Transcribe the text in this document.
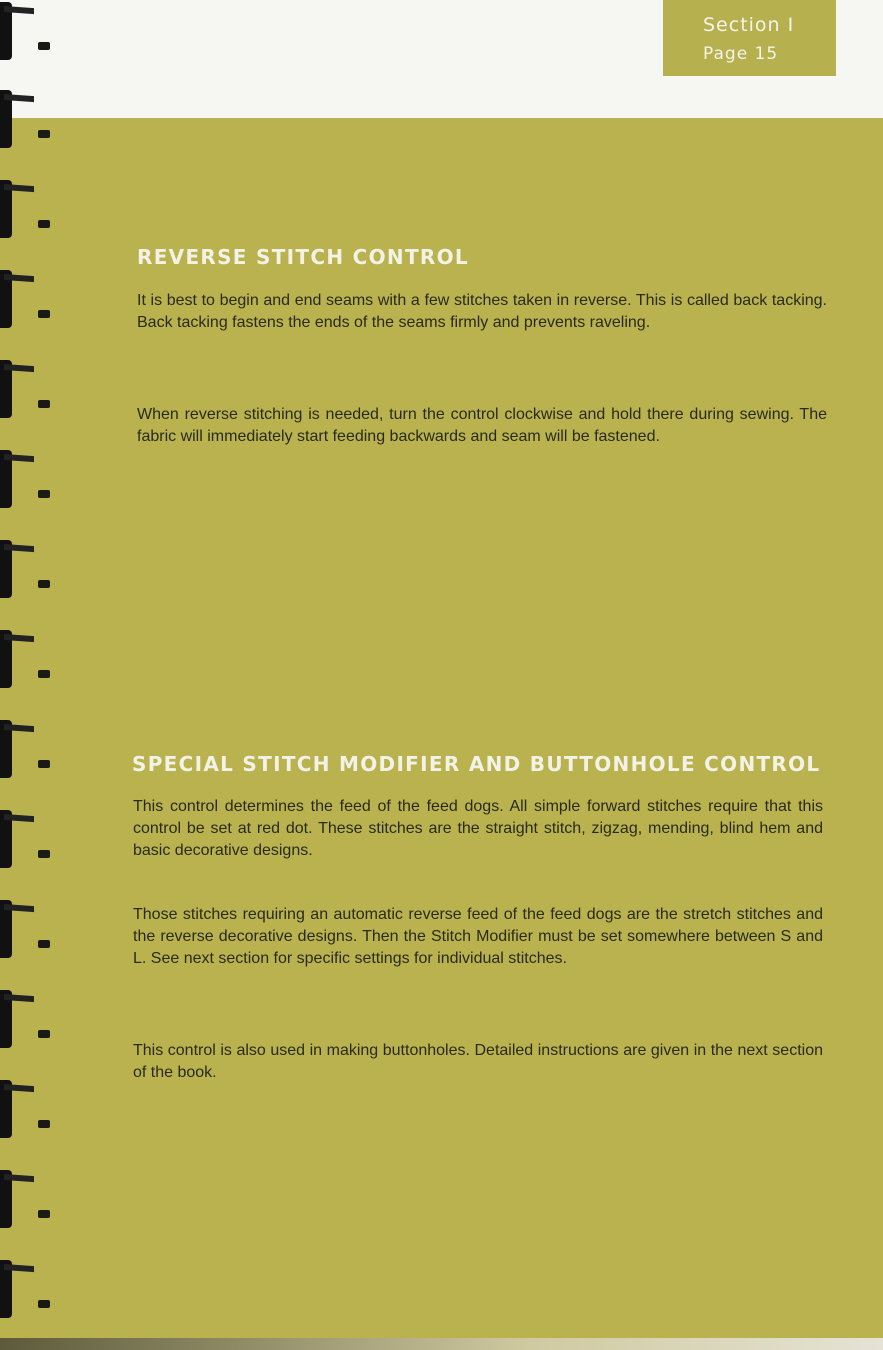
Section I
Page 15
REVERSE STITCH CONTROL

It is best to begin and end seams with a few stitches taken in reverse. This is called back tacking. Back tacking fastens the ends of the seams firmly and prevents raveling.

When reverse stitching is needed, turn the control clockwise and hold there during sewing. The fabric will immediately start feeding backwards and seam will be fastened.

SPECIAL STITCH MODIFIER AND BUTTONHOLE CONTROL

This control determines the feed of the feed dogs. All simple forward stitches require that this control be set at red dot. These stitches are the straight stitch, zigzag, mending, blind hem and basic decorative designs.

Those stitches requiring an automatic reverse feed of the feed dogs are the stretch stitches and the reverse decorative designs. Then the Stitch Modifier must be set somewhere between S and L. See next section for specific settings for individual stitches.

This control is also used in making buttonholes. Detailed instructions are given in the next section of the book.
